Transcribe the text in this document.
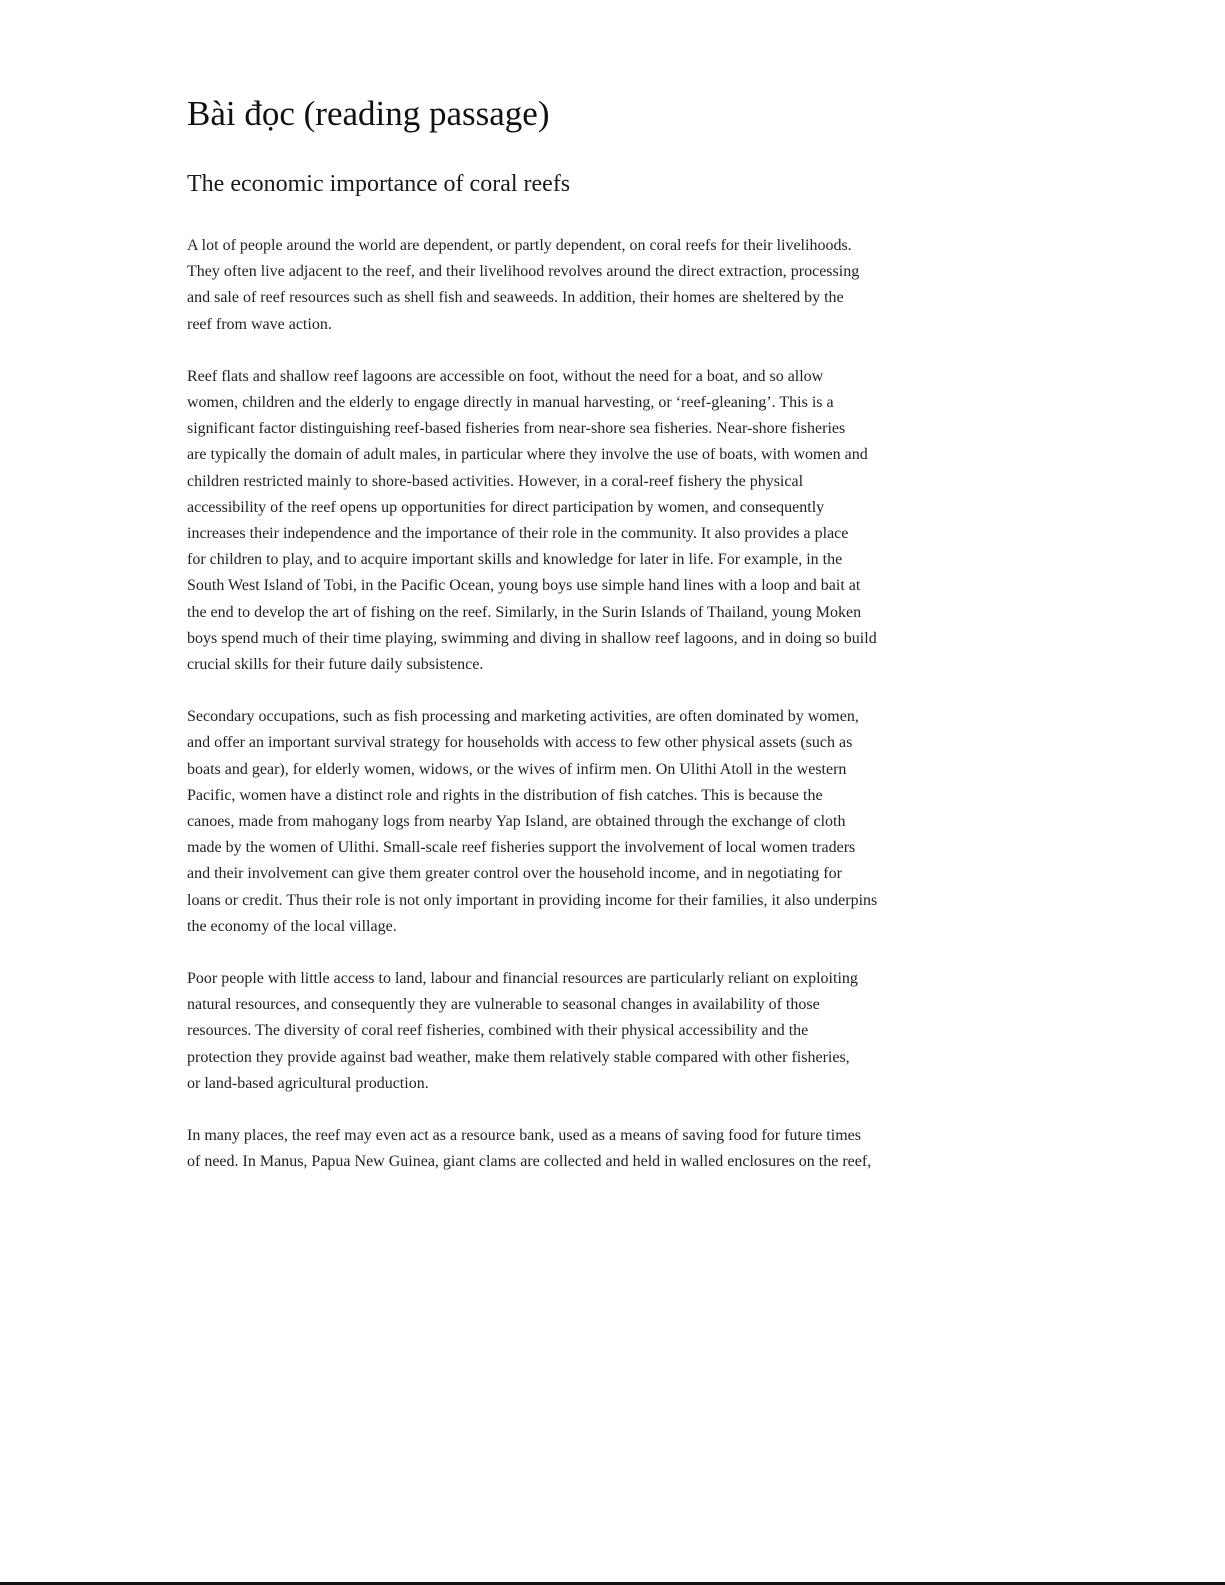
Bài đọc (reading passage)
The economic importance of coral reefs

A lot of people around the world are dependent, or partly dependent, on coral reefs for their livelihoods.
They often live adjacent to the reef, and their livelihood revolves around the direct extraction, processing
and sale of reef resources such as shell fish and seaweeds. In addition, their homes are sheltered by the
reef from wave action.

Reef flats and shallow reef lagoons are accessible on foot, without the need for a boat, and so allow
women, children and the elderly to engage directly in manual harvesting, or ‘reef-gleaning’. This is a
significant factor distinguishing reef-based fisheries from near-shore sea fisheries. Near-shore fisheries
are typically the domain of adult males, in particular where they involve the use of boats, with women and
children restricted mainly to shore-based activities. However, in a coral-reef fishery the physical
accessibility of the reef opens up opportunities for direct participation by women, and consequently
increases their independence and the importance of their role in the community. It also provides a place
for children to play, and to acquire important skills and knowledge for later in life. For example, in the
South West Island of Tobi, in the Pacific Ocean, young boys use simple hand lines with a loop and bait at
the end to develop the art of fishing on the reef. Similarly, in the Surin Islands of Thailand, young Moken
boys spend much of their time playing, swimming and diving in shallow reef lagoons, and in doing so build
crucial skills for their future daily subsistence.

Secondary occupations, such as fish processing and marketing activities, are often dominated by women,
and offer an important survival strategy for households with access to few other physical assets (such as
boats and gear), for elderly women, widows, or the wives of infirm men. On Ulithi Atoll in the western
Pacific, women have a distinct role and rights in the distribution of fish catches. This is because the
canoes, made from mahogany logs from nearby Yap Island, are obtained through the exchange of cloth
made by the women of Ulithi. Small-scale reef fisheries support the involvement of local women traders
and their involvement can give them greater control over the household income, and in negotiating for
loans or credit. Thus their role is not only important in providing income for their families, it also underpins
the economy of the local village.

Poor people with little access to land, labour and financial resources are particularly reliant on exploiting
natural resources, and consequently they are vulnerable to seasonal changes in availability of those
resources. The diversity of coral reef fisheries, combined with their physical accessibility and the
protection they provide against bad weather, make them relatively stable compared with other fisheries,
or land-based agricultural production.

In many places, the reef may even act as a resource bank, used as a means of saving food for future times
of need. In Manus, Papua New Guinea, giant clams are collected and held in walled enclosures on the reef,
